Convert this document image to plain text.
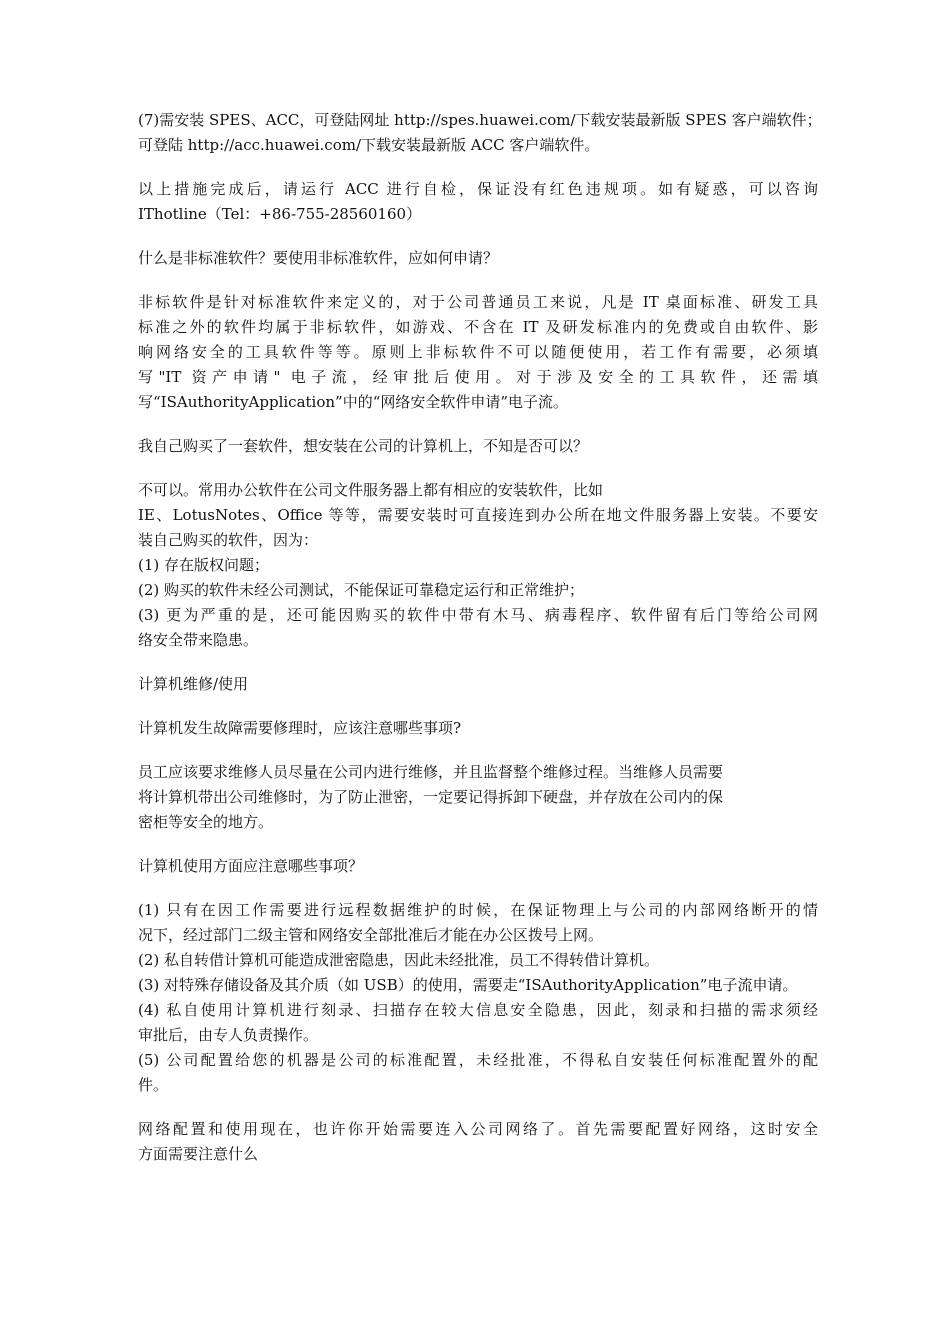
(7)需安装 SPES、ACC，可登陆网址 http://spes.huawei.com/下载安装最新版 SPES 客户端软件；
可登陆 http://acc.huawei.com/下载安装最新版 ACC 客户端软件。
以上措施完成后，请运行 ACC 进行自检，保证没有红色违规项。如有疑惑，可以咨询
IThotline（Tel：+86-755-28560160）
什么是非标准软件？要使用非标准软件，应如何申请？
非标软件是针对标准软件来定义的，对于公司普通员工来说，凡是 IT 桌面标准、研发工具
标准之外的软件均属于非标软件，如游戏、不含在 IT 及研发标准内的免费或自由软件、影
响网络安全的工具软件等等。原则上非标软件不可以随便使用，若工作有需要，必须填
写"IT 资产申请" 电子流，经审批后使用。对于涉及安全的工具软件，还需填
写“ISAuthorityApplication”中的“网络安全软件申请”电子流。
我自己购买了一套软件，想安装在公司的计算机上，不知是否可以？
不可以。常用办公软件在公司文件服务器上都有相应的安装软件，比如
IE、LotusNotes、Office 等等，需要安装时可直接连到办公所在地文件服务器上安装。不要安
装自己购买的软件，因为：
(1) 存在版权问题；
(2) 购买的软件未经公司测试，不能保证可靠稳定运行和正常维护；
(3) 更为严重的是，还可能因购买的软件中带有木马、病毒程序、软件留有后门等给公司网
络安全带来隐患。
计算机维修/使用
计算机发生故障需要修理时，应该注意哪些事项?
员工应该要求维修人员尽量在公司内进行维修，并且监督整个维修过程。当维修人员需要
将计算机带出公司维修时，为了防止泄密，一定要记得拆卸下硬盘，并存放在公司内的保
密柜等安全的地方。
计算机使用方面应注意哪些事项？
(1) 只有在因工作需要进行远程数据维护的时候，在保证物理上与公司的内部网络断开的情
况下，经过部门二级主管和网络安全部批准后才能在办公区拨号上网。
(2) 私自转借计算机可能造成泄密隐患，因此未经批准，员工不得转借计算机。
(3) 对特殊存储设备及其介质（如 USB）的使用，需要走“ISAuthorityApplication”电子流申请。
(4) 私自使用计算机进行刻录、扫描存在较大信息安全隐患，因此，刻录和扫描的需求须经
审批后，由专人负责操作。
(5) 公司配置给您的机器是公司的标准配置，未经批准，不得私自安装任何标准配置外的配
件。
网络配置和使用现在，也许你开始需要连入公司网络了。首先需要配置好网络，这时安全
方面需要注意什么
